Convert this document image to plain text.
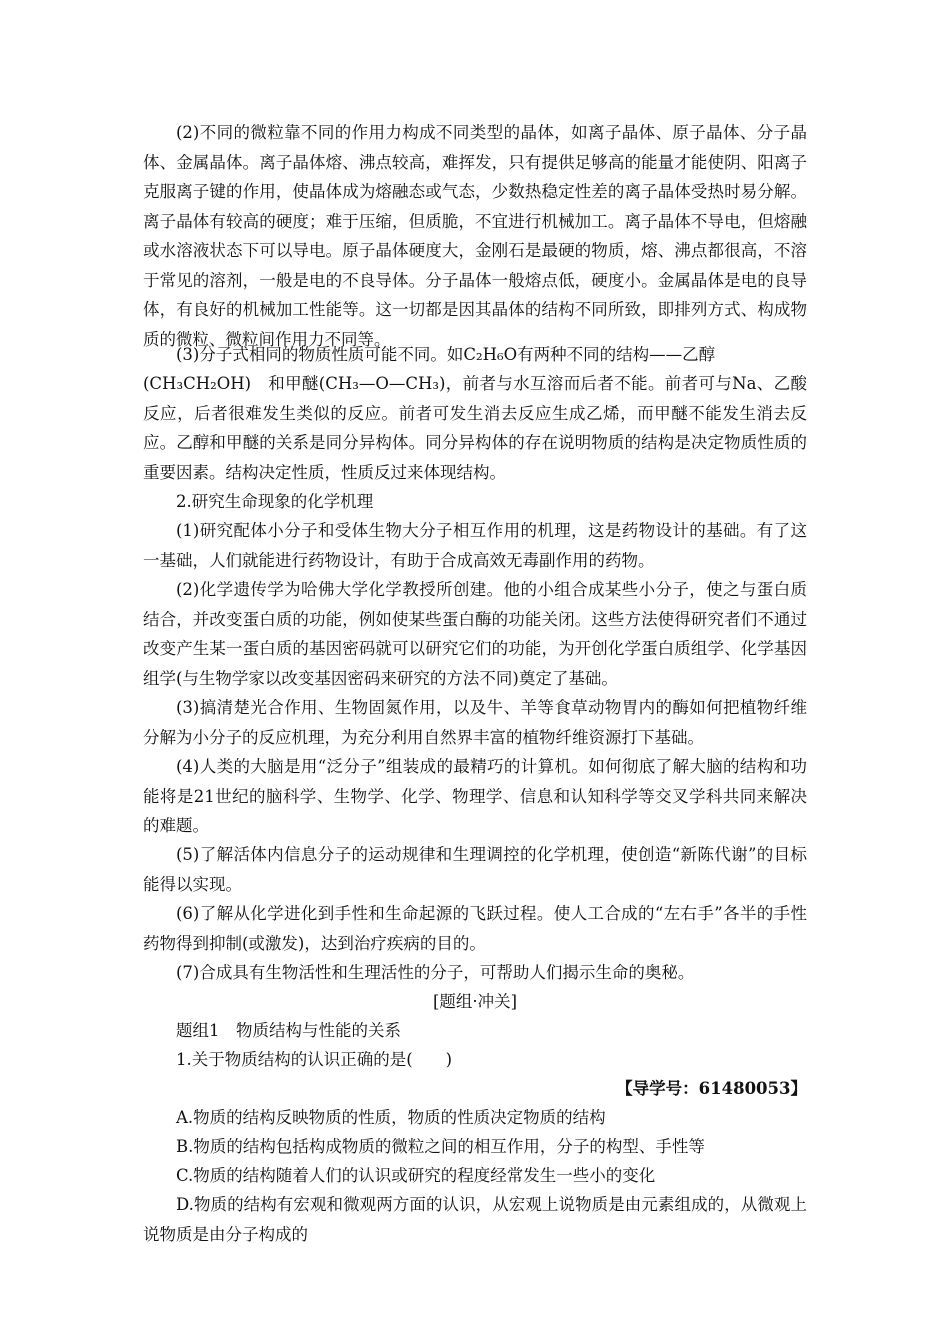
(2)不同的微粒靠不同的作用力构成不同类型的晶体，如离子晶体、原子晶体、分子晶体、金属晶体。离子晶体熔、沸点较高，难挥发，只有提供足够高的能量才能使阴、阳离子克服离子键的作用，使晶体成为熔融态或气态，少数热稳定性差的离子晶体受热时易分解。离子晶体有较高的硬度；难于压缩，但质脆，不宜进行机械加工。离子晶体不导电，但熔融或水溶液状态下可以导电。原子晶体硬度大，金刚石是最硬的物质，熔、沸点都很高，不溶于常见的溶剂，一般是电的不良导体。分子晶体一般熔点低，硬度小。金属晶体是电的良导体，有良好的机械加工性能等。这一切都是因其晶体的结构不同所致，即排列方式、构成物质的微粒、微粒间作用力不同等。

(3)分子式相同的物质性质可能不同。如C₂H₆O有两种不同的结构——乙醇

(CH₃CH₂OH)　和甲醚(CH₃—O—CH₃)，前者与水互溶而后者不能。前者可与Na、乙酸反应，后者很难发生类似的反应。前者可发生消去反应生成乙烯，而甲醚不能发生消去反应。乙醇和甲醚的关系是同分异构体。同分异构体的存在说明物质的结构是决定物质性质的重要因素。结构决定性质，性质反过来体现结构。

2.研究生命现象的化学机理

(1)研究配体小分子和受体生物大分子相互作用的机理，这是药物设计的基础。有了这一基础，人们就能进行药物设计，有助于合成高效无毒副作用的药物。

(2)化学遗传学为哈佛大学化学教授所创建。他的小组合成某些小分子，使之与蛋白质结合，并改变蛋白质的功能，例如使某些蛋白酶的功能关闭。这些方法使得研究者们不通过改变产生某一蛋白质的基因密码就可以研究它们的功能，为开创化学蛋白质组学、化学基因组学(与生物学家以改变基因密码来研究的方法不同)奠定了基础。

(3)搞清楚光合作用、生物固氮作用，以及牛、羊等食草动物胃内的酶如何把植物纤维分解为小分子的反应机理，为充分利用自然界丰富的植物纤维资源打下基础。

(4)人类的大脑是用“泛分子”组装成的最精巧的计算机。如何彻底了解大脑的结构和功能将是21世纪的脑科学、生物学、化学、物理学、信息和认知科学等交叉学科共同来解决的难题。

(5)了解活体内信息分子的运动规律和生理调控的化学机理，使创造“新陈代谢”的目标能得以实现。

(6)了解从化学进化到手性和生命起源的飞跃过程。使人工合成的“左右手”各半的手性药物得到抑制(或激发)，达到治疗疾病的目的。

(7)合成具有生物活性和生理活性的分子，可帮助人们揭示生命的奥秘。

[题组·冲关]

题组1　物质结构与性能的关系

1.关于物质结构的认识正确的是(　　)

【导学号：61480053】

A.物质的结构反映物质的性质，物质的性质决定物质的结构

B.物质的结构包括构成物质的微粒之间的相互作用，分子的构型、手性等

C.物质的结构随着人们的认识或研究的程度经常发生一些小的变化

D.物质的结构有宏观和微观两方面的认识，从宏观上说物质是由元素组成的，从微观上说物质是由分子构成的
